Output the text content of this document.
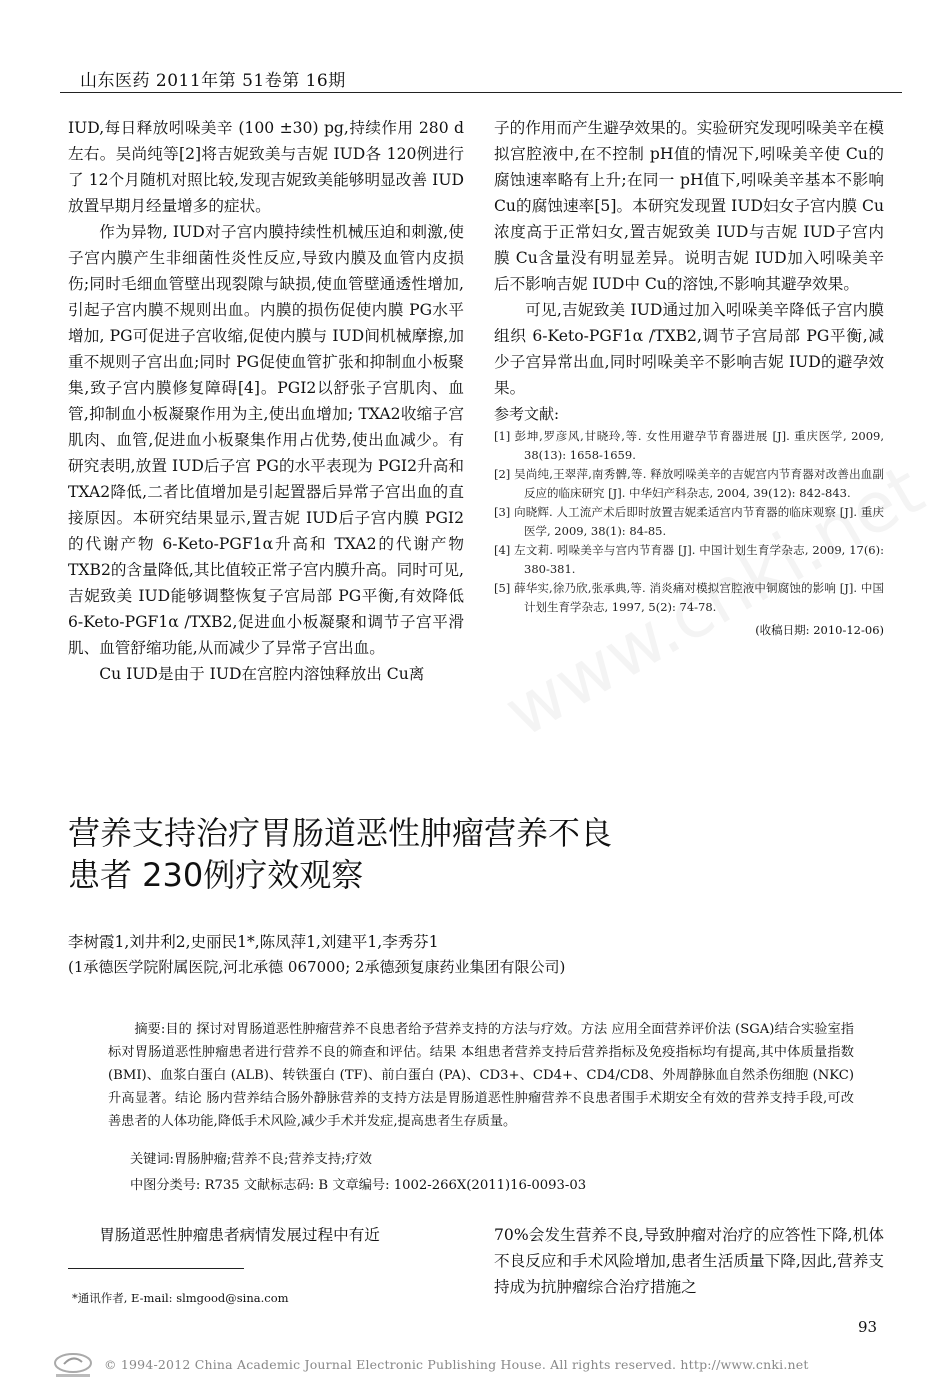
山东医药 2011年第 51卷第 16期

IUD,每日释放吲哚美辛 (100 ±30) pg,持续作用 280 d左右。吴尚纯等[2]将吉妮致美与吉妮 IUD各 120例进行了 12个月随机对照比较,发现吉妮致美能够明显改善 IUD放置早期月经量增多的症状。

作为异物, IUD对子宫内膜持续性机械压迫和刺激,使子宫内膜产生非细菌性炎性反应,导致内膜及血管内皮损伤;同时毛细血管壁出现裂隙与缺损,使血管壁通透性增加,引起子宫内膜不规则出血。内膜的损伤促使内膜 PG水平增加, PG可促进子宫收缩,促使内膜与 IUD间机械摩擦,加重不规则子宫出血;同时 PG促使血管扩张和抑制血小板聚集,致子宫内膜修复障碍[4]。PGI2以舒张子宫肌肉、血管,抑制血小板凝聚作用为主,使出血增加; TXA2收缩子宫肌肉、血管,促进血小板聚集作用占优势,使出血减少。有研究表明,放置 IUD后子宫 PG的水平表现为 PGI2升高和 TXA2降低,二者比值增加是引起置器后异常子宫出血的直接原因。本研究结果显示,置吉妮 IUD后子宫内膜 PGI2的代谢产物 6-Keto-PGF1α升高和 TXA2的代谢产物 TXB2的含量降低,其比值较正常子宫内膜升高。同时可见,吉妮致美 IUD能够调整恢复子宫局部 PG平衡,有效降低 6-Keto-PGF1α /TXB2,促进血小板凝聚和调节子宫平滑肌、血管舒缩功能,从而减少了异常子宫出血。

Cu IUD是由于 IUD在宫腔内溶蚀释放出 Cu离

子的作用而产生避孕效果的。实验研究发现吲哚美辛在模拟宫腔液中,在不控制 pH值的情况下,吲哚美辛使 Cu的腐蚀速率略有上升;在同一 pH值下,吲哚美辛基本不影响 Cu的腐蚀速率[5]。本研究发现置 IUD妇女子宫内膜 Cu浓度高于正常妇女,置吉妮致美 IUD与吉妮 IUD子宫内膜 Cu含量没有明显差异。说明吉妮 IUD加入吲哚美辛后不影响吉妮 IUD中 Cu的溶蚀,不影响其避孕效果。

可见,吉妮致美 IUD通过加入吲哚美辛降低子宫内膜组织 6-Keto-PGF1α /TXB2,调节子宫局部 PG平衡,减少子宫异常出血,同时吲哚美辛不影响吉妮 IUD的避孕效果。

参考文献:

[1] 彭坤,罗彦风,甘晓玲,等. 女性用避孕节育器进展 [J]. 重庆医学, 2009, 38(13): 1658-1659.

[2] 吴尚纯,王翠萍,南秀髀,等. 释放吲哚美辛的吉妮宫内节育器对改善出血副反应的临床研究 [J]. 中华妇产科杂志, 2004, 39(12): 842-843.

[3] 向晓辉. 人工流产术后即时放置吉妮柔适宫内节育器的临床观察 [J]. 重庆医学, 2009, 38(1): 84-85.

[4] 左文莉. 吲哚美辛与宫内节育器 [J]. 中国计划生育学杂志, 2009, 17(6): 380-381.

[5] 薛华实,徐乃欣,张承典,等. 消炎痛对模拟宫腔液中铜腐蚀的影响 [J]. 中国计划生育学杂志, 1997, 5(2): 74-78.

(收稿日期: 2010-12-06)

营养支持治疗胃肠道恶性肿瘤营养不良
患者 230例疗效观察
李树霞1,刘井利2,史丽民1*,陈凤萍1,刘建平1,李秀芬1
(1承德医学院附属医院,河北承德 067000; 2承德颈复康药业集团有限公司)

摘要:目的 探讨对胃肠道恶性肿瘤营养不良患者给予营养支持的方法与疗效。方法 应用全面营养评价法 (SGA)结合实验室指标对胃肠道恶性肿瘤患者进行营养不良的筛查和评估。结果 本组患者营养支持后营养指标及免疫指标均有提高,其中体质量指数 (BMI)、血浆白蛋白 (ALB)、转铁蛋白 (TF)、前白蛋白 (PA)、CD3+、CD4+、CD4/CD8、外周静脉血自然杀伤细胞 (NKC)升高显著。结论 肠内营养结合肠外静脉营养的支持方法是胃肠道恶性肿瘤营养不良患者围手术期安全有效的营养支持手段,可改善患者的人体功能,降低手术风险,减少手术并发症,提高患者生存质量。

关键词:胃肠肿瘤;营养不良;营养支持;疗效
中图分类号: R735 文献标志码: B 文章编号: 1002-266X(2011)16-0093-03
胃肠道恶性肿瘤患者病情发展过程中有近	70%会发生营养不良,导致肿瘤对治疗的应答性下降,机体不良反应和手术风险增加,患者生活质量下降,因此,营养支持成为抗肿瘤综合治疗措施之
*通讯作者, E-mail: slmgood@sina.com
93
© 1994-2012 China Academic Journal Electronic Publishing House. All rights reserved. http://www.cnki.net
